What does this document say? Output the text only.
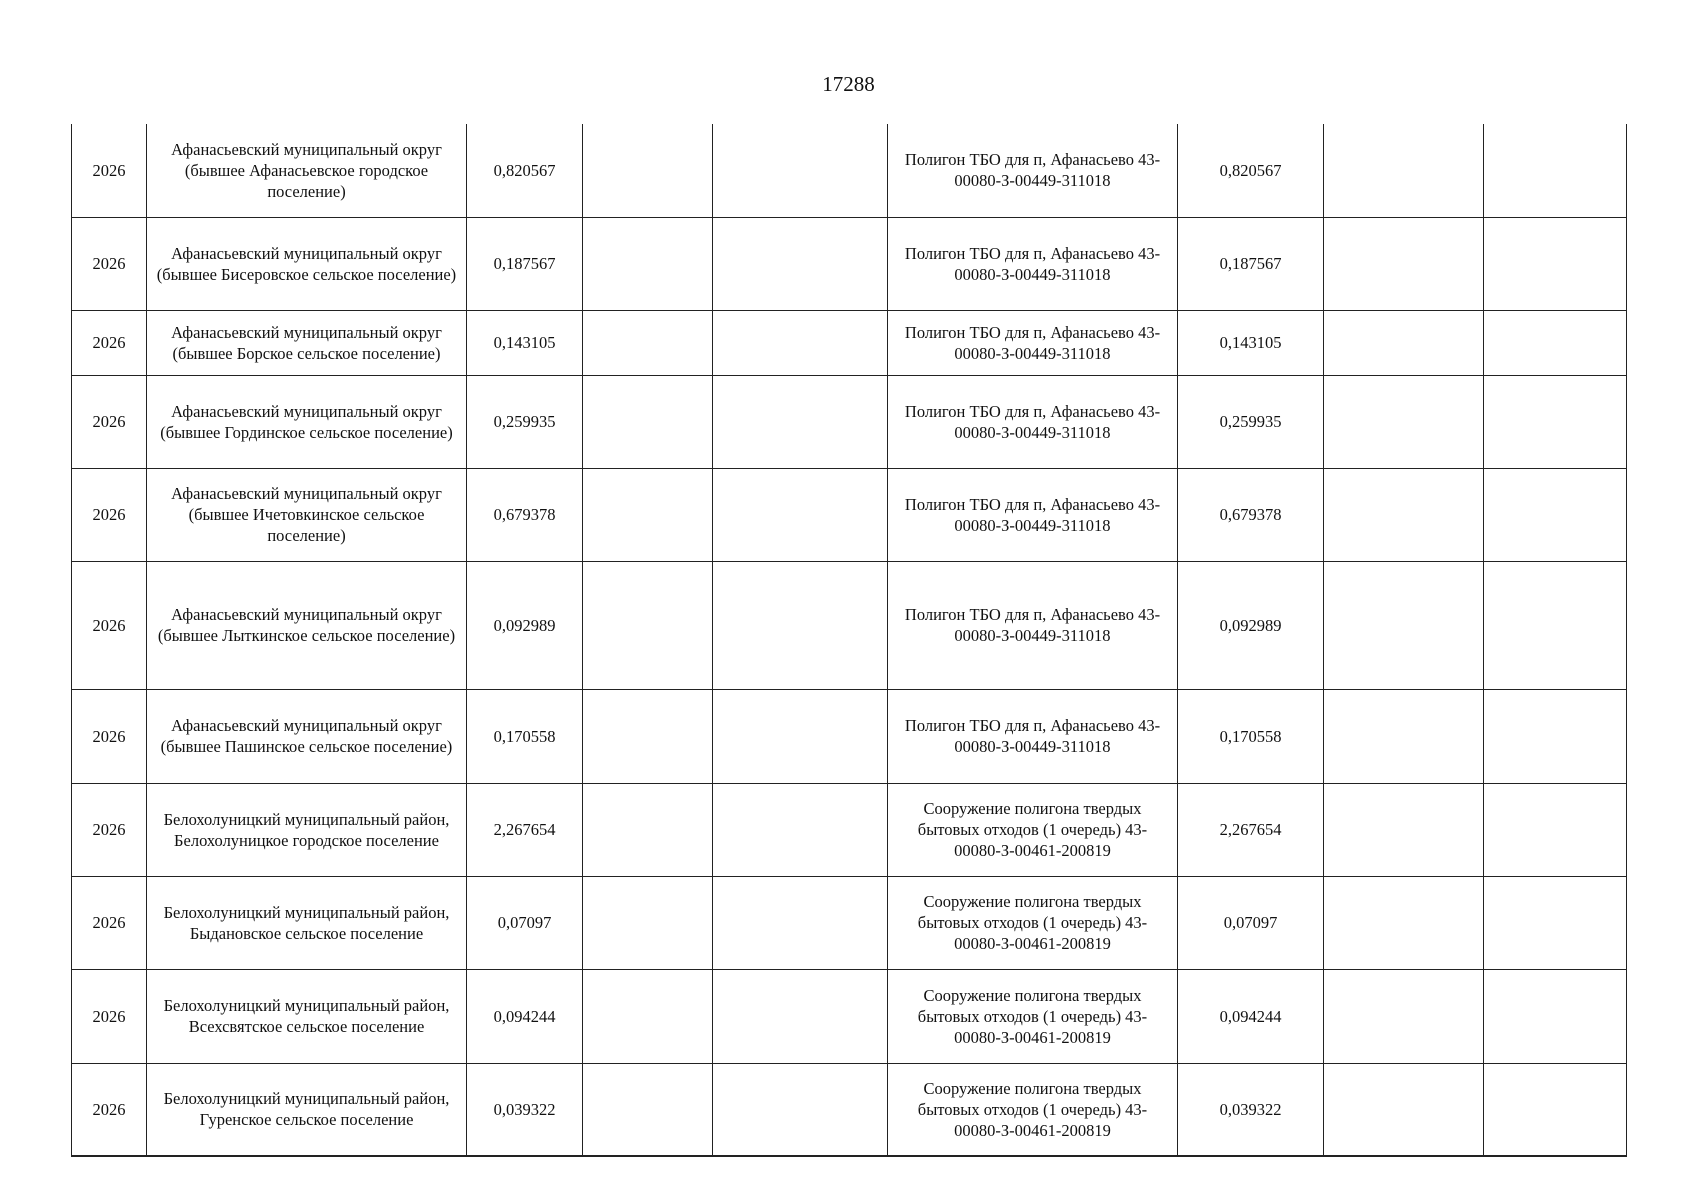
17288
2026	Афанасьевский муниципальный округ (бывшее Афанасьевское городское поселение)	0,820567			Полигон ТБО для п, Афанасьево 43-00080-З-00449-311018	0,820567		
2026	Афанасьевский муниципальный округ (бывшее Бисеровское сельское поселение)	0,187567			Полигон ТБО для п, Афанасьево 43-00080-З-00449-311018	0,187567		
2026	Афанасьевский муниципальный округ (бывшее Борское сельское поселение)	0,143105			Полигон ТБО для п, Афанасьево 43-00080-З-00449-311018	0,143105		
2026	Афанасьевский муниципальный округ (бывшее Гординское сельское поселение)	0,259935			Полигон ТБО для п, Афанасьево 43-00080-З-00449-311018	0,259935		
2026	Афанасьевский муниципальный округ (бывшее Ичетовкинское сельское поселение)	0,679378			Полигон ТБО для п, Афанасьево 43-00080-З-00449-311018	0,679378		
2026	Афанасьевский муниципальный округ (бывшее Лыткинское сельское поселение)	0,092989			Полигон ТБО для п, Афанасьево 43-00080-З-00449-311018	0,092989		
2026	Афанасьевский муниципальный округ (бывшее Пашинское сельское поселение)	0,170558			Полигон ТБО для п, Афанасьево 43-00080-З-00449-311018	0,170558		
2026	Белохолуницкий муниципальный район, Белохолуницкое городское поселение	2,267654			Сооружение полигона твердых бытовых отходов (1 очередь) 43-00080-З-00461-200819	2,267654		
2026	Белохолуницкий муниципальный район, Быдановское сельское поселение	0,07097			Сооружение полигона твердых бытовых отходов (1 очередь) 43-00080-З-00461-200819	0,07097		
2026	Белохолуницкий муниципальный район, Всехсвятское сельское поселение	0,094244			Сооружение полигона твердых бытовых отходов (1 очередь) 43-00080-З-00461-200819	0,094244		
2026	Белохолуницкий муниципальный район, Гуренское сельское поселение	0,039322			Сооружение полигона твердых бытовых отходов (1 очередь) 43-00080-З-00461-200819	0,039322		
